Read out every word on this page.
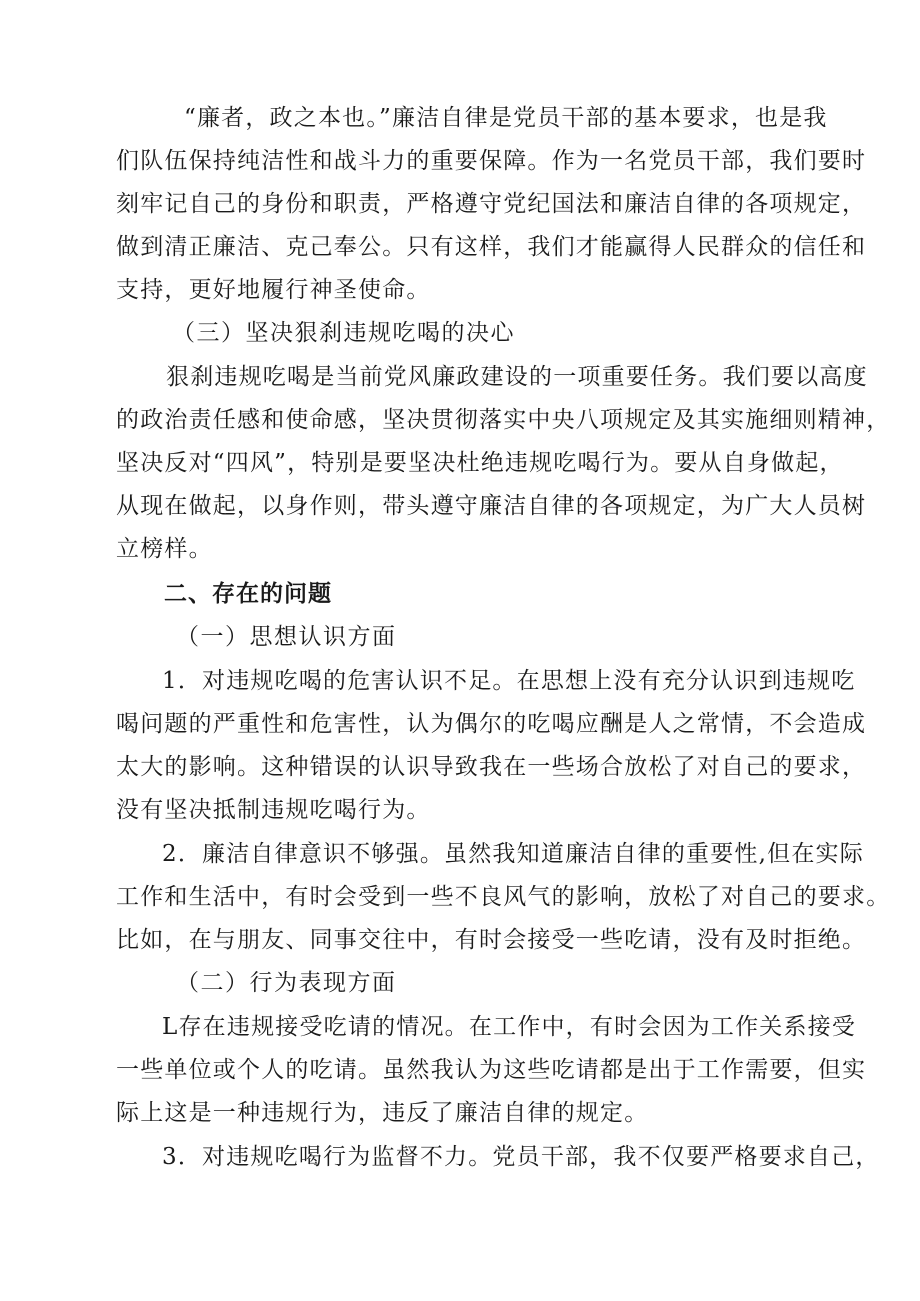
“廉者，政之本也。”廉洁自律是党员干部的基本要求，也是我
们队伍保持纯洁性和战斗力的重要保障。作为一名党员干部，我们要时
刻牢记自己的身份和职责，严格遵守党纪国法和廉洁自律的各项规定，
做到清正廉洁、克己奉公。只有这样，我们才能赢得人民群众的信任和
支持，更好地履行神圣使命。
（三）坚决狠刹违规吃喝的决心
狠刹违规吃喝是当前党风廉政建设的一项重要任务。我们要以高度
的政治责任感和使命感，坚决贯彻落实中央八项规定及其实施细则精神，
坚决反对“四风”，特别是要坚决杜绝违规吃喝行为。要从自身做起，
从现在做起，以身作则，带头遵守廉洁自律的各项规定，为广大人员树
立榜样。
二、存在的问题
（一）思想认识方面
1．对违规吃喝的危害认识不足。在思想上没有充分认识到违规吃
喝问题的严重性和危害性，认为偶尔的吃喝应酬是人之常情，不会造成
太大的影响。这种错误的认识导致我在一些场合放松了对自己的要求，
没有坚决抵制违规吃喝行为。
2．廉洁自律意识不够强。虽然我知道廉洁自律的重要性,但在实际
工作和生活中，有时会受到一些不良风气的影响，放松了对自己的要求。
比如，在与朋友、同事交往中，有时会接受一些吃请，没有及时拒绝。
（二）行为表现方面
L存在违规接受吃请的情况。在工作中，有时会因为工作关系接受
一些单位或个人的吃请。虽然我认为这些吃请都是出于工作需要，但实
际上这是一种违规行为，违反了廉洁自律的规定。
3．对违规吃喝行为监督不力。党员干部，我不仅要严格要求自己，
